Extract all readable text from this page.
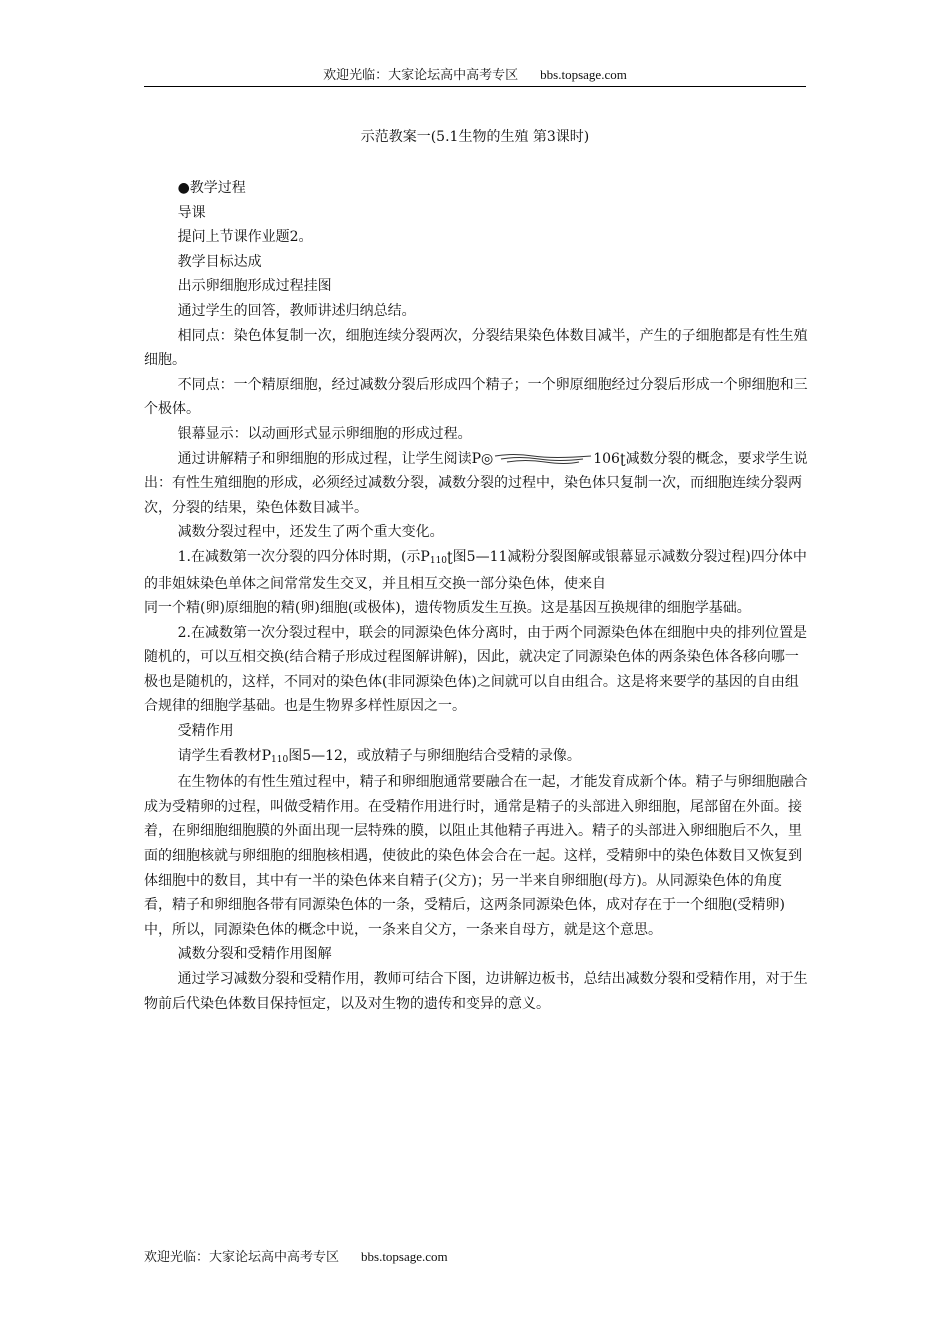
欢迎光临：大家论坛高中高考专区 bbs.topsage.com
示范教案一(5.1生物的生殖 第3课时)

●教学过程

导课

提问上节课作业题2。

教学目标达成

出示卵细胞形成过程挂图

通过学生的回答，教师讲述归纳总结。

相同点：染色体复制一次，细胞连续分裂两次，分裂结果染色体数目减半，产生的子细胞都是有性生殖细胞。

不同点：一个精原细胞，经过减数分裂后形成四个精子；一个卵原细胞经过分裂后形成一个卵细胞和三个极体。

银幕显示：以动画形式显示卵细胞的形成过程。

通过讲解精子和卵细胞的形成过程，让学生阅读P◎	106ʈ减数分裂的概念，要求学生说出：有性生殖细胞的形成，必须经过减数分裂，减数分裂的过程中，染色体只复制一次，而细胞连续分裂两次，分裂的结果，染色体数目减半。

减数分裂过程中，还发生了两个重大变化。

1.在减数第一次分裂的四分体时期，(示$P_{110}ʈ$图5—11减粉分裂图解或银幕显示减数分裂过程)四分体中的非姐妹染色单体之间常常发生交叉，并且相互交换一部分染色体，使来自

同一个精(卵)原细胞的精(卵)细胞(或极体)，遗传物质发生互换。这是基因互换规律的细胞学基础。

2.在减数第一次分裂过程中，联会的同源染色体分离时，由于两个同源染色体在细胞中央的排列位置是随机的，可以互相交换(结合精子形成过程图解讲解)，因此，就决定了同源染色体的两条染色体各移向哪一极也是随机的，这样，不同对的染色体(非同源染色体)之间就可以自由组合。这是将来要学的基因的自由组合规律的细胞学基础。也是生物界多样性原因之一。

受精作用

请学生看教材$P_{110}$图5—12，或放精子与卵细胞结合受精的录像。

在生物体的有性生殖过程中，精子和卵细胞通常要融合在一起，才能发育成新个体。精子与卵细胞融合成为受精卵的过程，叫做受精作用。在受精作用进行时，通常是精子的头部进入卵细胞，尾部留在外面。接着，在卵细胞细胞膜的外面出现一层特殊的膜，以阻止其他精子再进入。精子的头部进入卵细胞后不久，里面的细胞核就与卵细胞的细胞核相遇，使彼此的染色体会合在一起。这样，受精卵中的染色体数目又恢复到体细胞中的数目，其中有一半的染色体来自精子(父方)；另一半来自卵细胞(母方)。从同源染色体的角度看，精子和卵细胞各带有同源染色体的一条，受精后，这两条同源染色体，成对存在于一个细胞(受精卵)中，所以，同源染色体的概念中说，一条来自父方，一条来自母方，就是这个意思。

减数分裂和受精作用图解

通过学习减数分裂和受精作用，教师可结合下图，边讲解边板书，总结出减数分裂和受精作用，对于生物前后代染色体数目保持恒定，以及对生物的遗传和变异的意义。

欢迎光临：大家论坛高中高考专区 bbs.topsage.com
